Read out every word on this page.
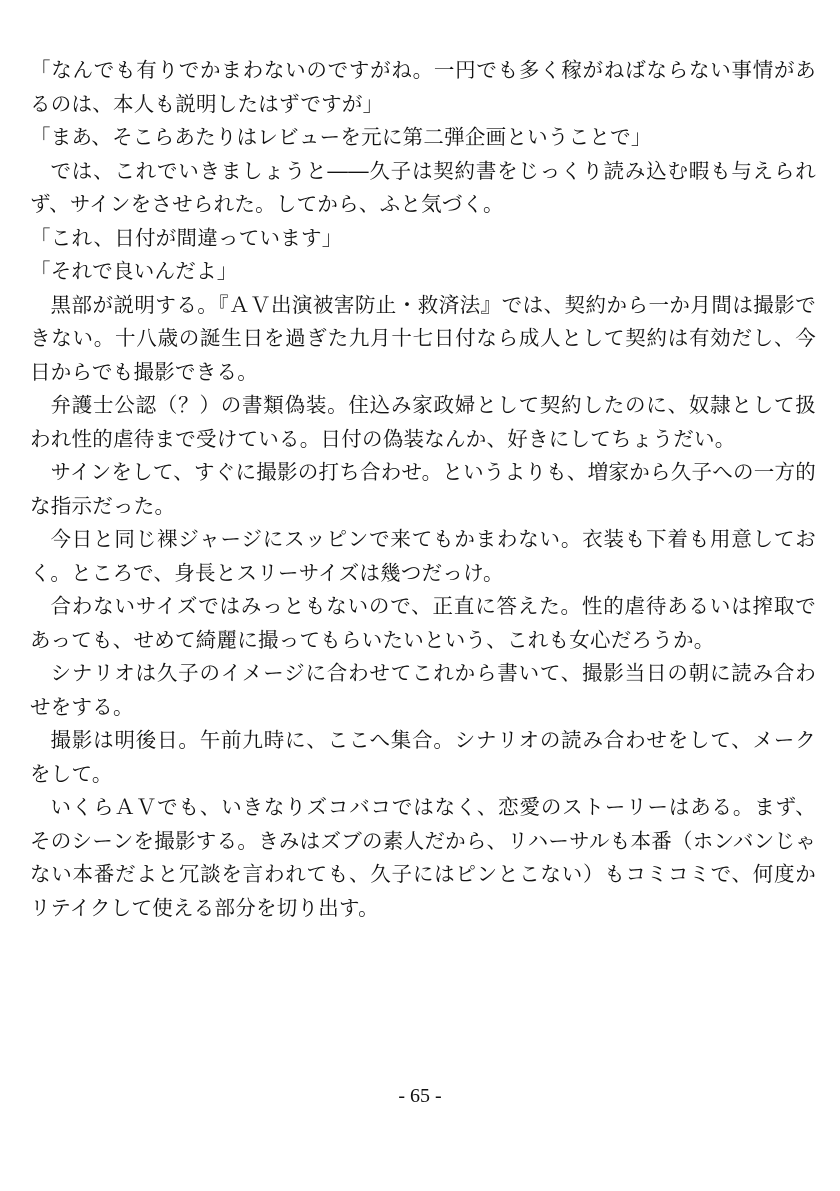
「なんでも有りでかまわないのですがね。一円でも多く稼がねばならない事情があるのは、本人も説明したはずですが」

「まあ、そこらあたりはレビューを元に第二弾企画ということで」

では、これでいきましょうと――久子は契約書をじっくり読み込む暇も与えられず、サインをさせられた。してから、ふと気づく。

「これ、日付が間違っています」

「それで良いんだよ」

黒部が説明する。『ＡＶ出演被害防止・救済法』では、契約から一か月間は撮影できない。十八歳の誕生日を過ぎた九月十七日付なら成人として契約は有効だし、今日からでも撮影できる。

弁護士公認（？）の書類偽装。住込み家政婦として契約したのに、奴隷として扱われ性的虐待まで受けている。日付の偽装なんか、好きにしてちょうだい。

サインをして、すぐに撮影の打ち合わせ。というよりも、増家から久子への一方的な指示だった。

今日と同じ裸ジャージにスッピンで来てもかまわない。衣装も下着も用意しておく。ところで、身長とスリーサイズは幾つだっけ。

合わないサイズではみっともないので、正直に答えた。性的虐待あるいは搾取であっても、せめて綺麗に撮ってもらいたいという、これも女心だろうか。

シナリオは久子のイメージに合わせてこれから書いて、撮影当日の朝に読み合わせをする。

撮影は明後日。午前九時に、ここへ集合。シナリオの読み合わせをして、メークをして。

いくらＡＶでも、いきなりズコバコではなく、恋愛のストーリーはある。まず、そのシーンを撮影する。きみはズブの素人だから、リハーサルも本番（ホンバンじゃない本番だよと冗談を言われても、久子にはピンとこない）もコミコミで、何度かリテイクして使える部分を切り出す。

- 65 -
